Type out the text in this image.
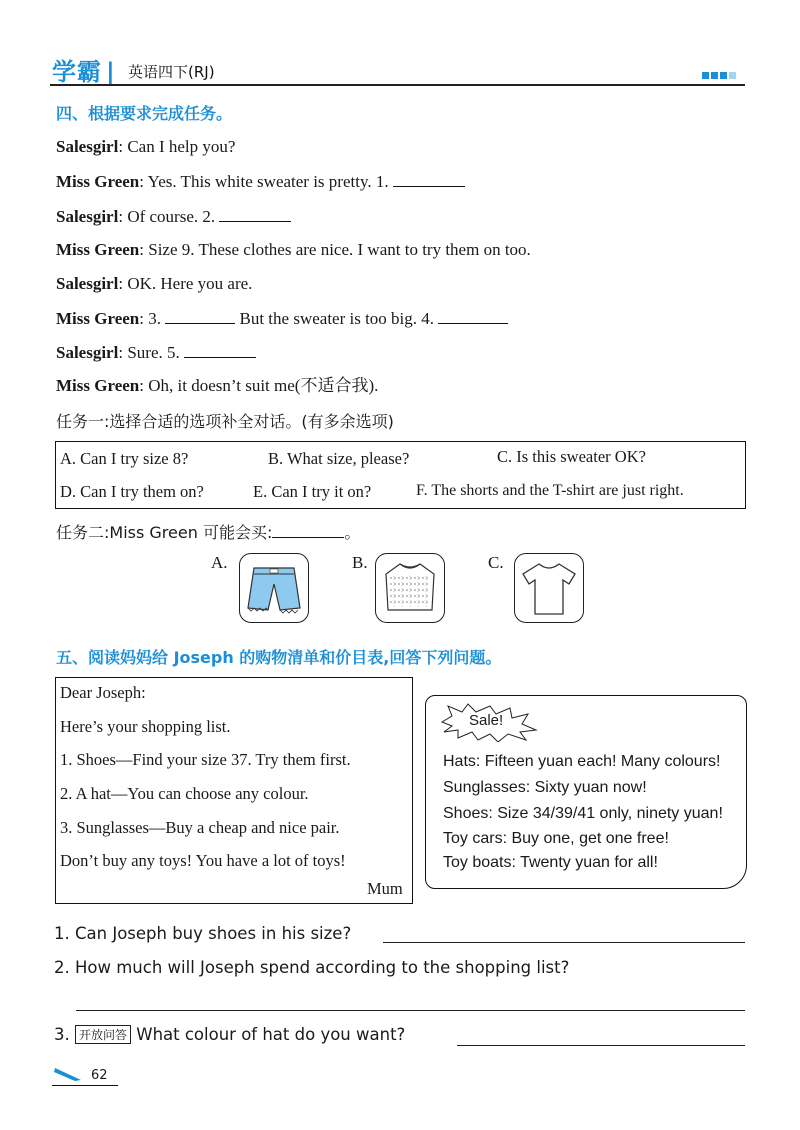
学霸 | 英语四下(RJ)
四、根据要求完成任务。
Salesgirl: Can I help you?
Miss Green: Yes. This white sweater is pretty. 1.
Salesgirl: Of course. 2.
Miss Green: Size 9. These clothes are nice. I want to try them on too.
Salesgirl: OK. Here you are.
Miss Green: 3.	But the sweater is too big. 4.
Salesgirl: Sure. 5.
Miss Green: Oh, it doesn’t suit me(不适合我).
任务一:选择合适的选项补全对话。(有多余选项)
A. Can I try size 8?	B. What size, please?	C. Is this sweater OK?
D. Can I try them on?	E. Can I try it on?	F. The shorts and the T-shirt are just right.
任务二:Miss Green 可能会买:	。
A.	B.	C.
五、阅读妈妈给 Joseph 的购物清单和价目表,回答下列问题。
Dear Joseph:
Here’s your shopping list.
1. Shoes—Find your size 37. Try them first.
2. A hat—You can choose any colour.
3. Sunglasses—Buy a cheap and nice pair.
Don’t buy any toys! You have a lot of toys!
Mum
Sale!
Hats: Fifteen yuan each! Many colours!
Sunglasses: Sixty yuan now!
Shoes: Size 34/39/41 only, ninety yuan!
Toy cars: Buy one, get one free!
Toy boats: Twenty yuan for all!
1. Can Joseph buy shoes in his size?
2. How much will Joseph spend according to the shopping list?
3. 开放问答 What colour of hat do you want?
62
